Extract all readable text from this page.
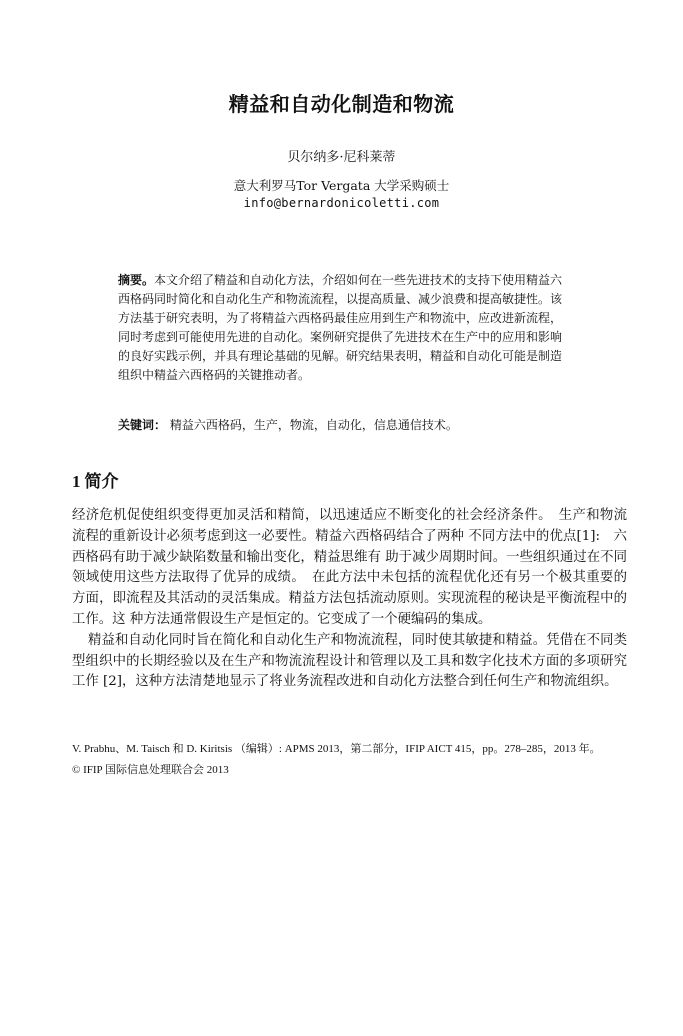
精益和自动化制造和物流
贝尔纳多·尼科莱蒂
意大利罗马Tor Vergata 大学采购硕士
info@bernardonicoletti.com
摘要。本文介绍了精益和自动化方法，介绍如何在一些先进技术的支持下使用精益六西格码同时简化和自动化生产和物流流程，以提高质量、减少浪费和提高敏捷性。该方法基于研究表明，为了将精益六西格码最佳应用到生产和物流中，应改进新流程，同时考虑到可能使用先进的自动化。案例研究提供了先进技术在生产中的应用和影响的良好实践示例，并具有理论基础的见解。研究结果表明，精益和自动化可能是制造组织中精益六西格码的关键推动者。
关键词： 精益六西格码，生产，物流，自动化，信息通信技术。
1 简介

经济危机促使组织变得更加灵活和精简，以迅速适应不断变化的社会经济条件。　生产和物流流程的重新设计必须考虑到这一必要性。精益六西格码结合了两种 不同方法中的优点[1]:　六西格码有助于减少缺陷数量和输出变化，精益思维有 助于减少周期时间。一些组织通过在不同领域使用这些方法取得了优异的成绩。　在此方法中未包括的流程优化还有另一个极其重要的方面，即流程及其活动的灵活集成。精益方法包括流动原则。实现流程的秘诀是平衡流程中的工作。这 种方法通常假设生产是恒定的。它变成了一个硬编码的集成。

精益和自动化同时旨在简化和自动化生产和物流流程，同时使其敏捷和精益。凭借在不同类型组织中的长期经验以及在生产和物流流程设计和管理以及工具和数字化技术方面的多项研究工作 [2]，这种方法清楚地显示了将业务流程改进和自动化方法整合到任何生产和物流组织。

V. Prabhu、M. Taisch 和 D. Kiritsis （编辑）: APMS 2013，第二部分，IFIP AICT 415，pp。278–285，2013 年。

© IFIP 国际信息处理联合会 2013
